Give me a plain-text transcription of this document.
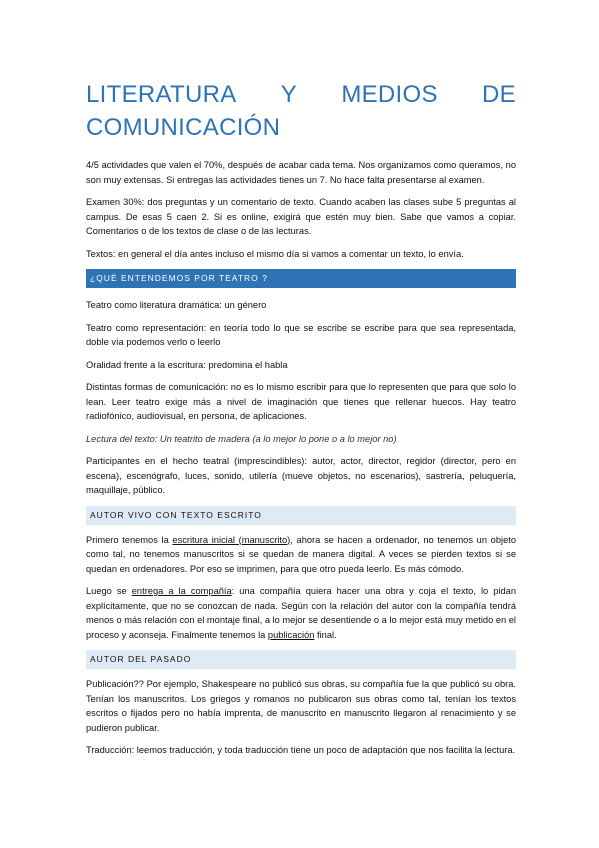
LITERATURA Y MEDIOS DE
COMUNICACIÓN

4/5 actividades que valen el 70%, después de acabar cada tema. Nos organizamos como queramos, no son muy extensas. Si entregas las actividades tienes un 7. No hace falta presentarse al examen.

Examen 30%: dos preguntas y un comentario de texto. Cuando acaben las clases sube 5 preguntas al campus. De esas 5 caen 2. Si es online, exigirá que estén muy bien. Sabe que vamos a copiar. Comentarios o de los textos de clase o de las lecturas.

Textos: en general el día antes incluso el mismo día si vamos a comentar un texto, lo envía.

¿QUÉ ENTENDEMOS POR TEATRO ?

Teatro como literatura dramática: un género

Teatro como representación: en teoría todo lo que se escribe se escribe para que sea representada, doble vía podemos verlo o leerlo

Oralidad frente a la escritura: predomina el habla

Distintas formas de comunicación: no es lo mismo escribir para que lo representen que para que solo lo lean. Leer teatro exige más a nivel de imaginación que tienes que rellenar huecos. Hay teatro radiofónico, audiovisual, en persona, de aplicaciones.

Lectura del texto: Un teatrito de madera (a lo mejor lo pone o a lo mejor no)

Participantes en el hecho teatral (imprescindibles): autor, actor, director, regidor (director, pero en escena), escenógrafo, luces, sonido, utilería (mueve objetos, no escenarios), sastrería, peluquería, maquillaje, público.

AUTOR VIVO CON TEXTO ESCRITO

Primero tenemos la escritura inicial (manuscrito), ahora se hacen a ordenador, no tenemos un objeto como tal, no tenemos manuscritos si se quedan de manera digital. A veces se pierden textos si se quedan en ordenadores. Por eso se imprimen, para que otro pueda leerlo. Es más cómodo.

Luego se entrega a la compañía: una compañía quiera hacer una obra y coja el texto, lo pidan explícitamente, que no se conozcan de nada. Según con la relación del autor con la compañía tendrá menos o más relación con el montaje final, a lo mejor se desentiende o a lo mejor está muy metido en el proceso y aconseja. Finalmente tenemos la publicación final.

AUTOR DEL PASADO

Publicación?? Por ejemplo, Shakespeare no publicó sus obras, su compañía fue la que publicó su obra. Tenían los manuscritos. Los griegos y romanos no publicaron sus obras como tal, tenían los textos escritos o fijados pero no había imprenta, de manuscrito en manuscrito llegaron al renacimiento y se pudieron publicar.

Traducción: leemos traducción, y toda traducción tiene un poco de adaptación que nos facilita la lectura.
